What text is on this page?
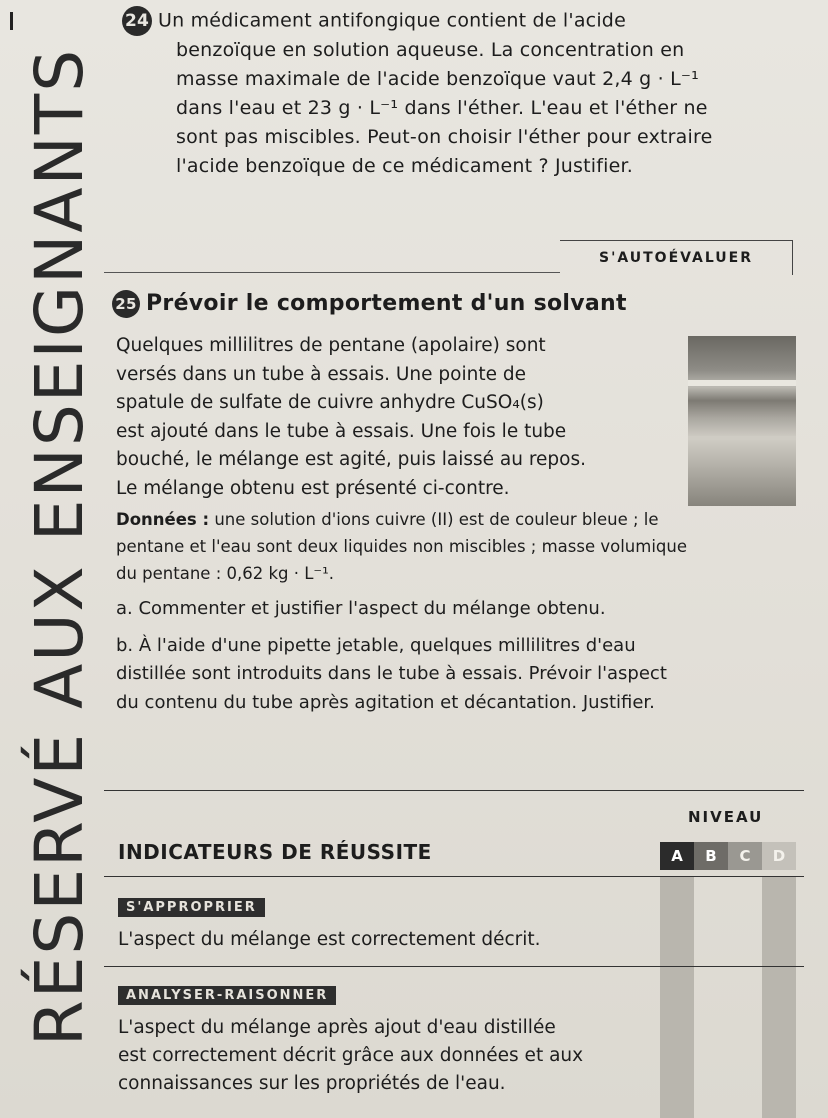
RÉSERVÉ AUX ENSEIGNANTS

24 Un médicament antifongique contient de l'acide

benzoïque en solution aqueuse. La concentration en

masse maximale de l'acide benzoïque vaut 2,4 g · L⁻¹

dans l'eau et 23 g · L⁻¹ dans l'éther. L'eau et l'éther ne

sont pas miscibles. Peut-on choisir l'éther pour extraire

l'acide benzoïque de ce médicament ? Justifier.

S'AUTOÉVALUER
25 Prévoir le comportement d'un solvant

Quelques millilitres de pentane (apolaire) sont

versés dans un tube à essais. Une pointe de

spatule de sulfate de cuivre anhydre CuSO₄(s)

est ajouté dans le tube à essais. Une fois le tube

bouché, le mélange est agité, puis laissé au repos.

Le mélange obtenu est présenté ci-contre.

Données : une solution d'ions cuivre (II) est de couleur bleue ; le

pentane et l'eau sont deux liquides non miscibles ; masse volumique

du pentane : 0,62 kg · L⁻¹.

a. Commenter et justifier l'aspect du mélange obtenu.

b. À l'aide d'une pipette jetable, quelques millilitres d'eau

distillée sont introduits dans le tube à essais. Prévoir l'aspect

du contenu du tube après agitation et décantation. Justifier.

NIVEAU
INDICATEURS DE RÉUSSITE	A	B	C	D
S'APPROPRIER
L'aspect du mélange est correctement décrit.
ANALYSER-RAISONNER
L'aspect du mélange après ajout d'eau distillée
est correctement décrit grâce aux données et aux
connaissances sur les propriétés de l'eau.
